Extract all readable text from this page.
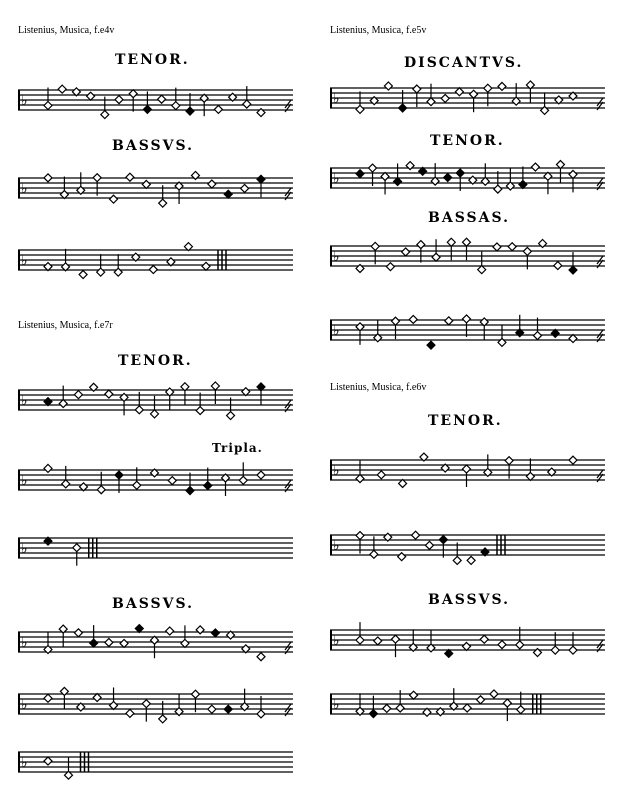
Listenius, Musica, f.e4v	Listenius, Musica, f.e5v
Listenius, Musica, f.e7r
Listenius, Musica, f.e6v
TENOR.
BASSVS.
DISCANTVS.
TENOR.
BASSAS.
TENOR.
Tripla.
BASSVS.
TENOR.
BASSVS.
♭
♭
♭
♭
♭
♭
♭
♭
♭
♭
♭
♭
♭
♭
♭
♭
♭
